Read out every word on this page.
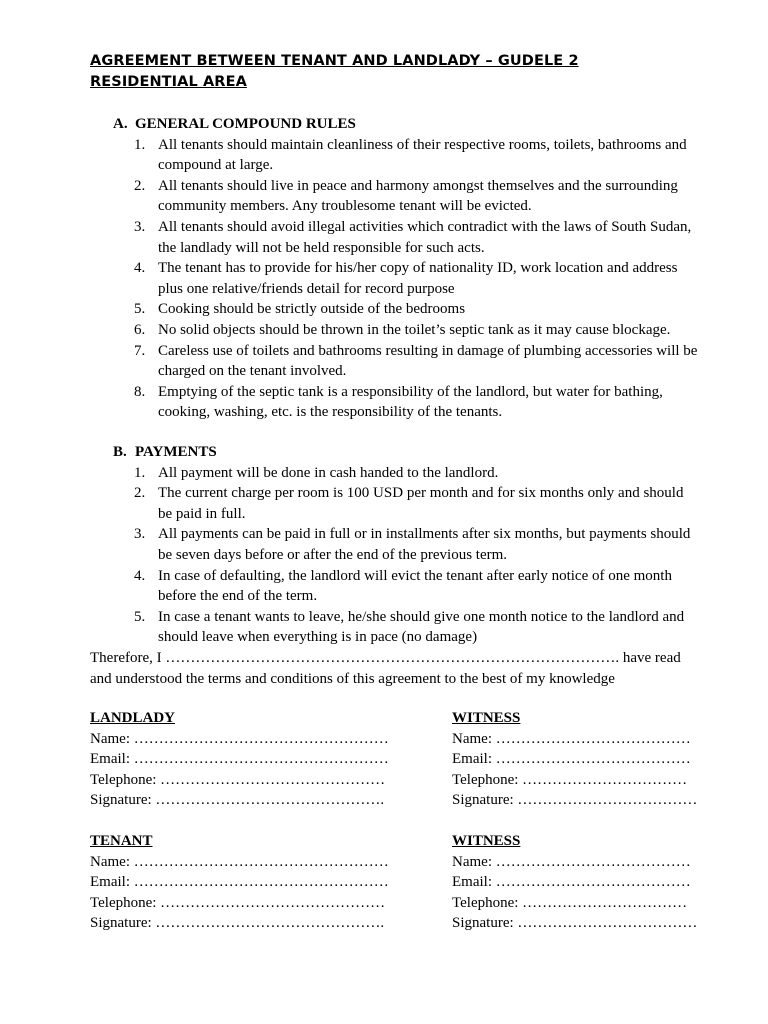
AGREEMENT BETWEEN TENANT AND LANDLADY – GUDELE 2
RESIDENTIAL AREA
A. GENERAL COMPOUND RULES
1. All tenants should maintain cleanliness of their respective rooms, toilets, bathrooms and
compound at large.
2. All tenants should live in peace and harmony amongst themselves and the surrounding
community members. Any troublesome tenant will be evicted.
3. All tenants should avoid illegal activities which contradict with the laws of South Sudan,
the landlady will not be held responsible for such acts.
4. The tenant has to provide for his/her copy of nationality ID, work location and address
plus one relative/friends detail for record purpose
5. Cooking should be strictly outside of the bedrooms
6. No solid objects should be thrown in the toilet’s septic tank as it may cause blockage.
7. Careless use of toilets and bathrooms resulting in damage of plumbing accessories will be
charged on the tenant involved.
8. Emptying of the septic tank is a responsibility of the landlord, but water for bathing,
cooking, washing, etc. is the responsibility of the tenants.
B. PAYMENTS
1. All payment will be done in cash handed to the landlord.
2. The current charge per room is 100 USD per month and for six months only and should
be paid in full.
3. All payments can be paid in full or in installments after six months, but payments should
be seven days before or after the end of the previous term.
4. In case of defaulting, the landlord will evict the tenant after early notice of one month
before the end of the term.
5. In case a tenant wants to leave, he/she should give one month notice to the landlord and
should leave when everything is in pace (no damage)
Therefore, I ………………………………………………………………………………. have read
and understood the terms and conditions of this agreement to the best of my knowledge
LANDLADY
Name: ……………………………………………
Email: ……………………………………………
Telephone: ………………………………………
Signature: ……………………………………….
WITNESS
Name: …………………………………
Email: …………………………………
Telephone: ……………………………
Signature: ………………………………
TENANT
Name: ……………………………………………
Email: ……………………………………………
Telephone: ………………………………………
Signature: ……………………………………….
WITNESS
Name: …………………………………
Email: …………………………………
Telephone: ……………………………
Signature: ………………………………
